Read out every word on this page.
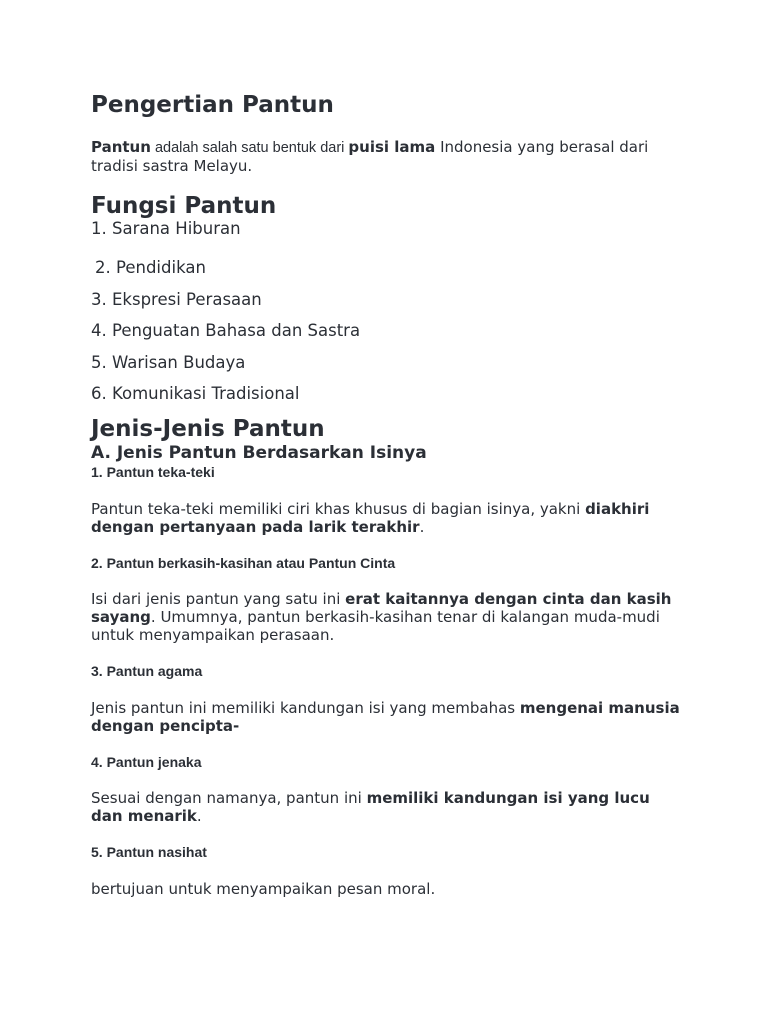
Pengertian Pantun

Pantun adalah salah satu bentuk dari puisi lama Indonesia yang berasal dari tradisi sastra Melayu.

Fungsi Pantun
1. Sarana Hiburan
2. Pendidikan
3. Ekspresi Perasaan
4. Penguatan Bahasa dan Sastra
5. Warisan Budaya
6. Komunikasi Tradisional
Jenis-Jenis Pantun
A. Jenis Pantun Berdasarkan Isinya
1. Pantun teka-teki

Pantun teka-teki memiliki ciri khas khusus di bagian isinya, yakni diakhiri dengan pertanyaan pada larik terakhir.

2. Pantun berkasih-kasihan atau Pantun Cinta

Isi dari jenis pantun yang satu ini erat kaitannya dengan cinta dan kasih sayang. Umumnya, pantun berkasih-kasihan tenar di kalangan muda-mudi untuk menyampaikan perasaan.

3. Pantun agama

Jenis pantun ini memiliki kandungan isi yang membahas mengenai manusia dengan pencipta-

4. Pantun jenaka

Sesuai dengan namanya, pantun ini memiliki kandungan isi yang lucu dan menarik.

5. Pantun nasihat

bertujuan untuk menyampaikan pesan moral.
